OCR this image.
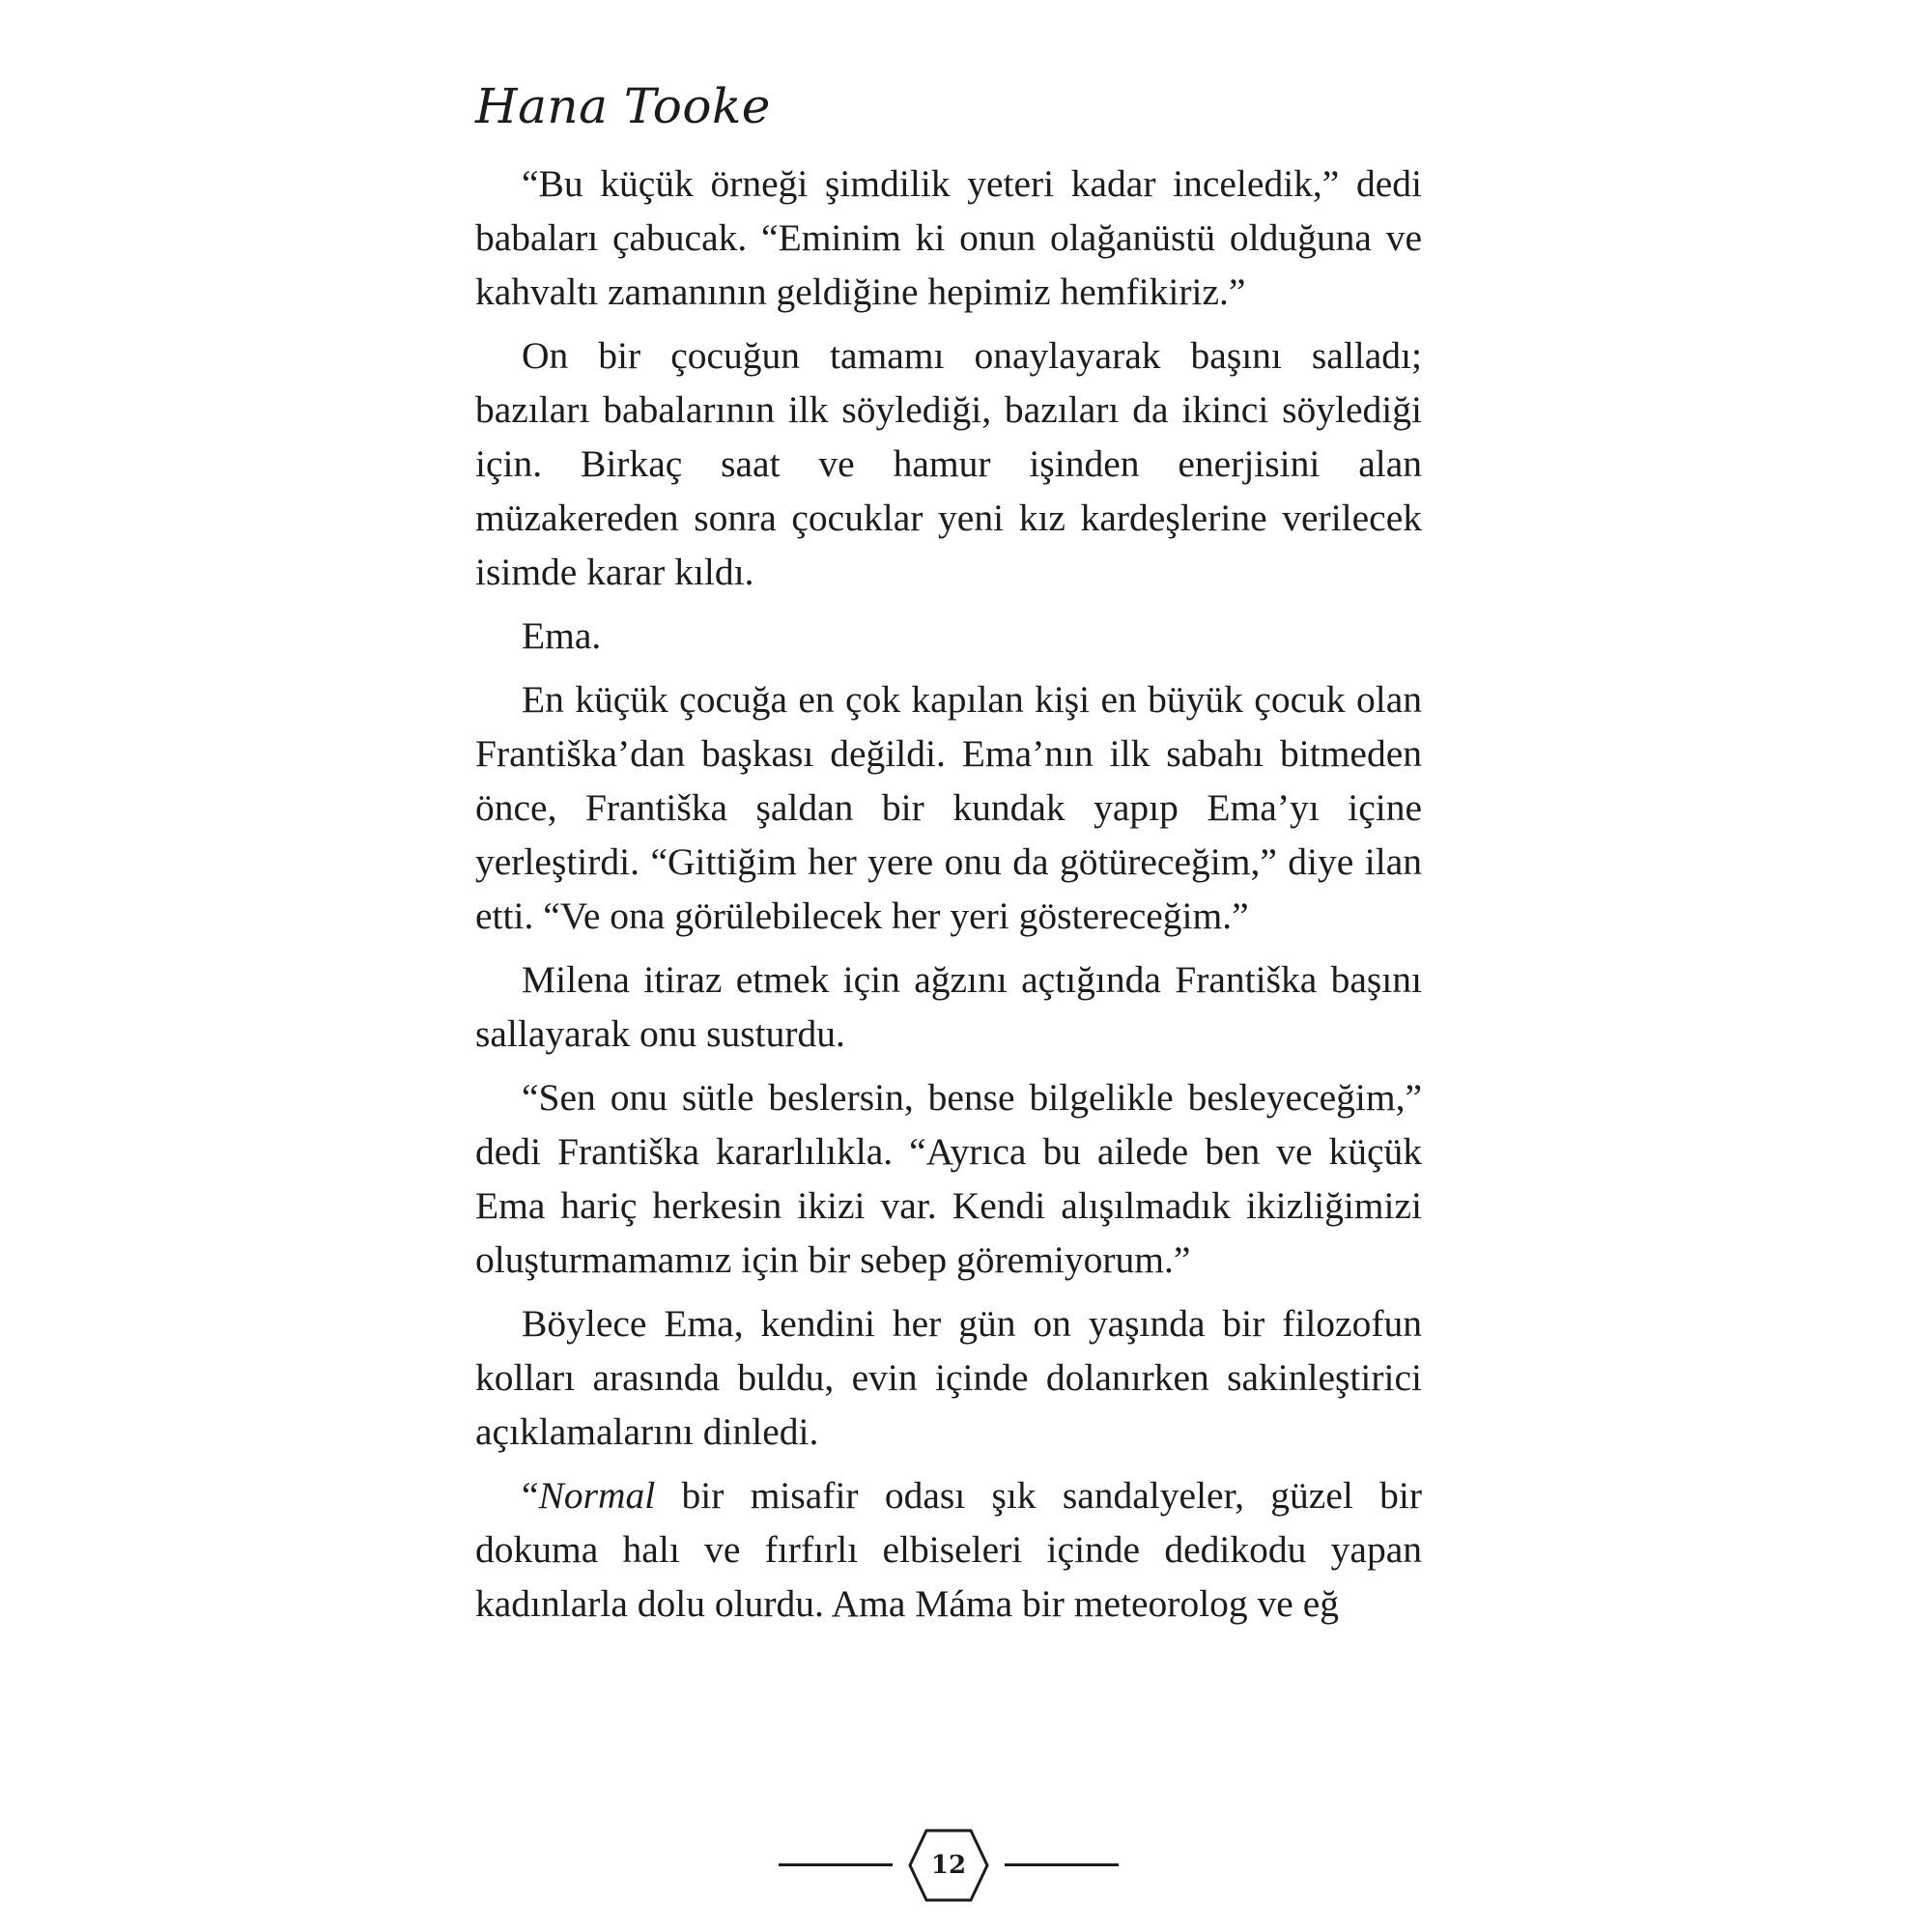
Hana Tooke

“Bu küçük örneği şimdilik yeteri kadar inceledik,” dedi babaları çabucak. “Eminim ki onun olağanüstü olduğuna ve kahvaltı zamanının geldiğine hepimiz hemfikiriz.”

On bir çocuğun tamamı onaylayarak başını salladı; bazıları babalarının ilk söylediği, bazıları da ikinci söylediği için. Birkaç saat ve hamur işinden enerjisini alan müzakereden sonra çocuklar yeni kız kardeşlerine verilecek isimde karar kıldı.

Ema.

En küçük çocuğa en çok kapılan kişi en büyük çocuk olan Františka’dan başkası değildi. Ema’nın ilk sabahı bitmeden önce, Františka şaldan bir kundak yapıp Ema’yı içine yerleştirdi. “Gittiğim her yere onu da götüreceğim,” diye ilan etti. “Ve ona görülebilecek her yeri göstereceğim.”

Milena itiraz etmek için ağzını açtığında Františka başını sallayarak onu susturdu.

“Sen onu sütle beslersin, bense bilgelikle besleyeceğim,” dedi Františka kararlılıkla. “Ayrıca bu ailede ben ve küçük Ema hariç herkesin ikizi var. Kendi alışılmadık ikizliğimizi oluşturmamamız için bir sebep göremiyorum.”

Böylece Ema, kendini her gün on yaşında bir filozofun kolları arasında buldu, evin içinde dolanırken sakinleştirici açıklamalarını dinledi.

“Normal bir misafir odası şık sandalyeler, güzel bir dokuma halı ve fırfırlı elbiseleri içinde dedikodu yapan kadınlarla dolu olurdu. Ama Máma bir meteorolog ve eğ

12
